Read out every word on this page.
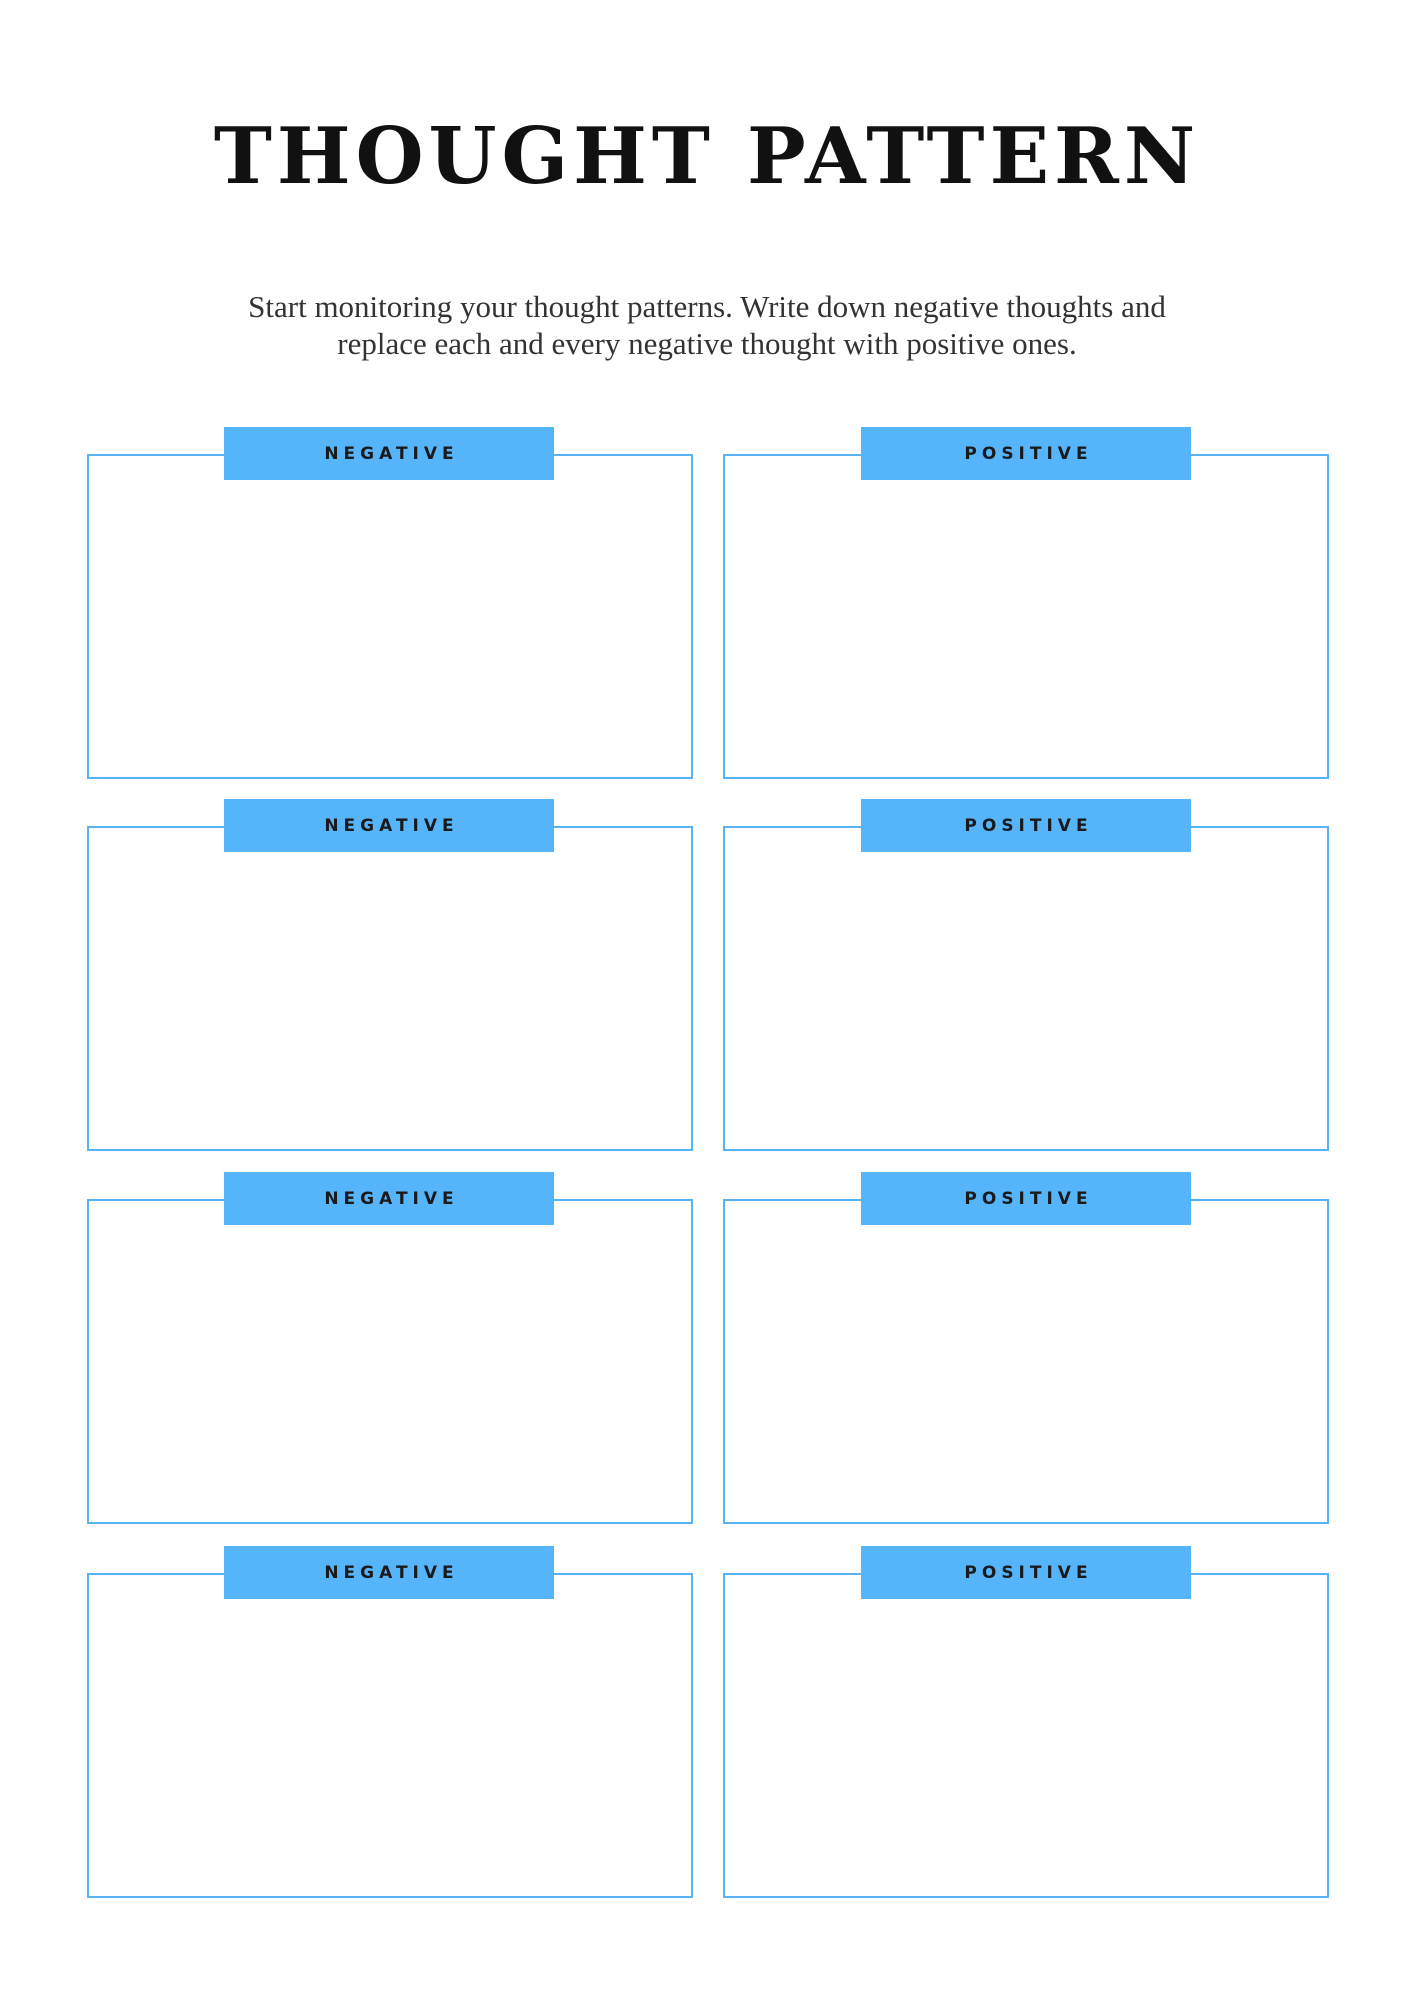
THOUGHT PATTERN

Start monitoring your thought patterns. Write down negative thoughts and
replace each and every negative thought with positive ones.

NEGATIVE	POSITIVE
NEGATIVE	POSITIVE
NEGATIVE	POSITIVE
NEGATIVE	POSITIVE
